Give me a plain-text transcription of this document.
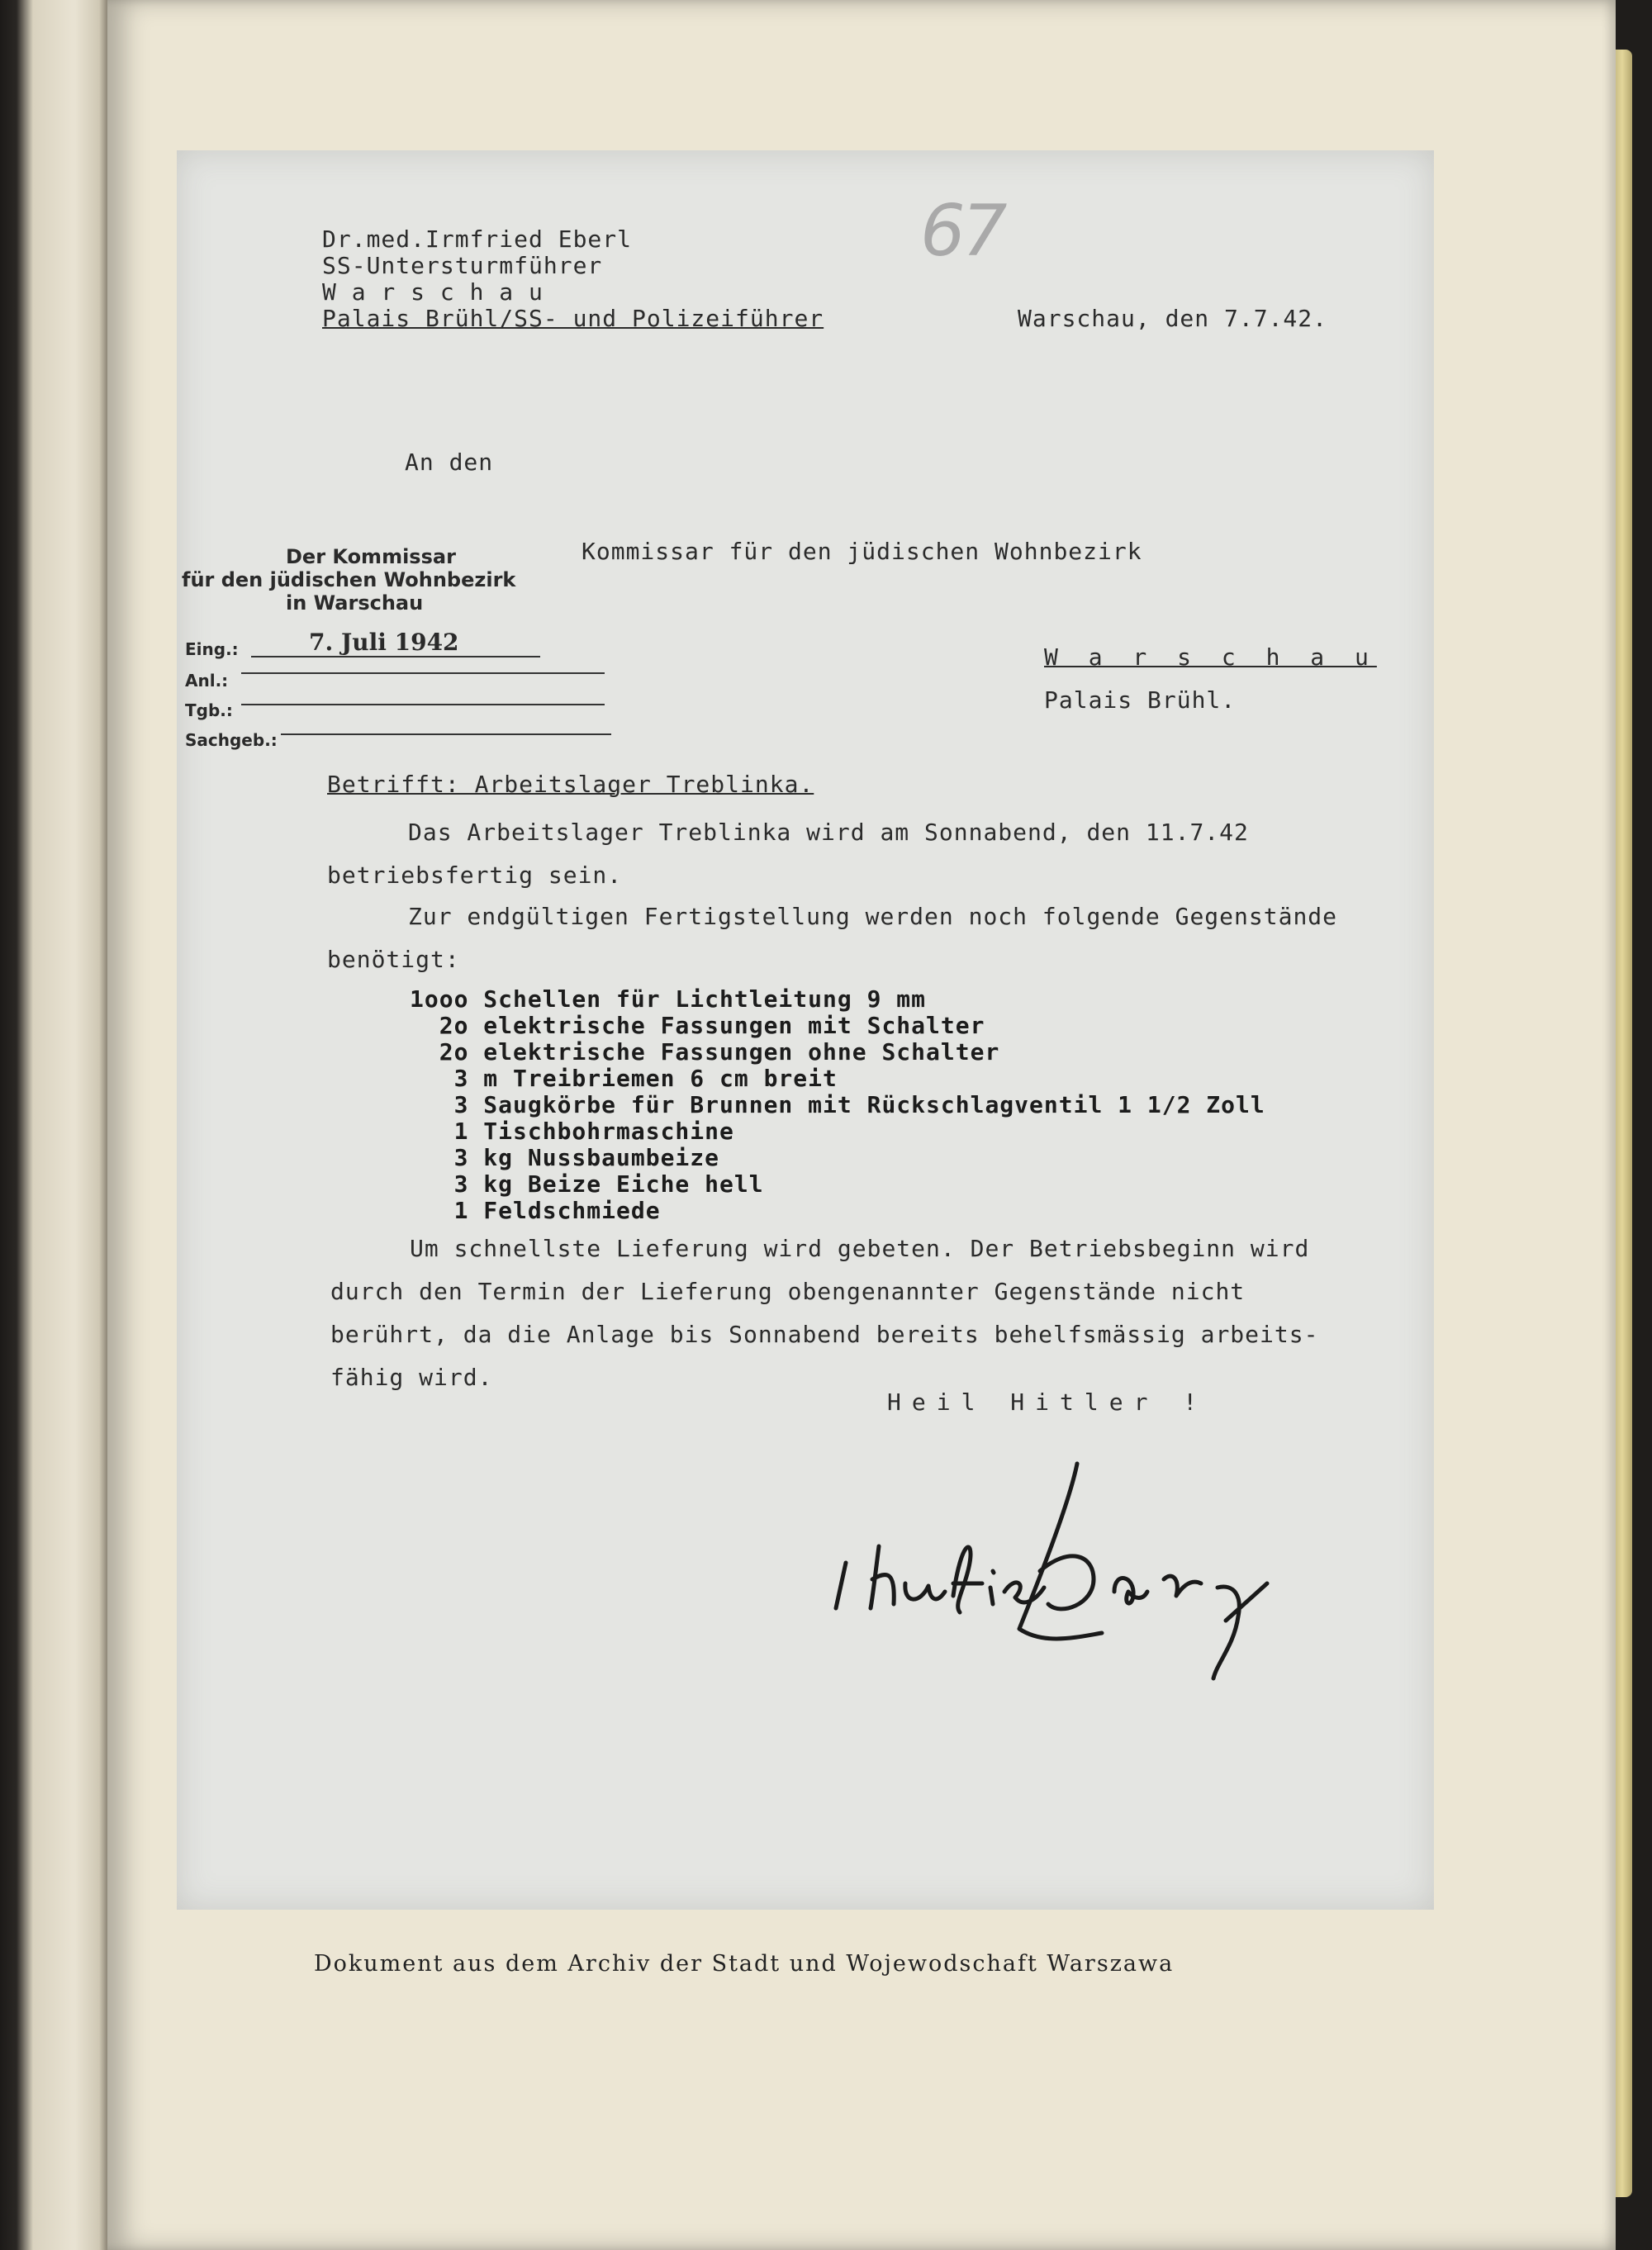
67
Dr.med.Irmfried Eberl
SS-Untersturmführer
W a r s c h a u
Palais Brühl/SS- und Polizeiführer	Warschau, den 7.7.42.
An den
Kommissar für den jüdischen Wohnbezirk
Der Kommissar
für den jüdischen Wohnbezirk
in Warschau
Eing.:	7. Juli 1942
Anl.:
Tgb.:
Sachgeb.:
W a r s c h a u
Palais Brühl.
Betrifft: Arbeitslager Treblinka.
Das Arbeitslager Treblinka wird am Sonnabend, den 11.7.42
betriebsfertig sein.
Zur endgültigen Fertigstellung werden noch folgende Gegenstände
benötigt:
1ooo Schellen für Lichtleitung 9 mm
2o elektrische Fassungen mit Schalter
2o elektrische Fassungen ohne Schalter
3 m Treibriemen 6 cm breit
3 Saugkörbe für Brunnen mit Rückschlagventil 1 1/2 Zoll
1 Tischbohrmaschine
3 kg Nussbaumbeize
3 kg Beize Eiche hell
1 Feldschmiede
Um schnellste Lieferung wird gebeten. Der Betriebsbeginn wird
durch den Termin der Lieferung obengenannter Gegenstände nicht
berührt, da die Anlage bis Sonnabend bereits behelfsmässig arbeits-
fähig wird.
Heil Hitler !
Dokument aus dem Archiv der Stadt und Wojewodschaft Warszawa
